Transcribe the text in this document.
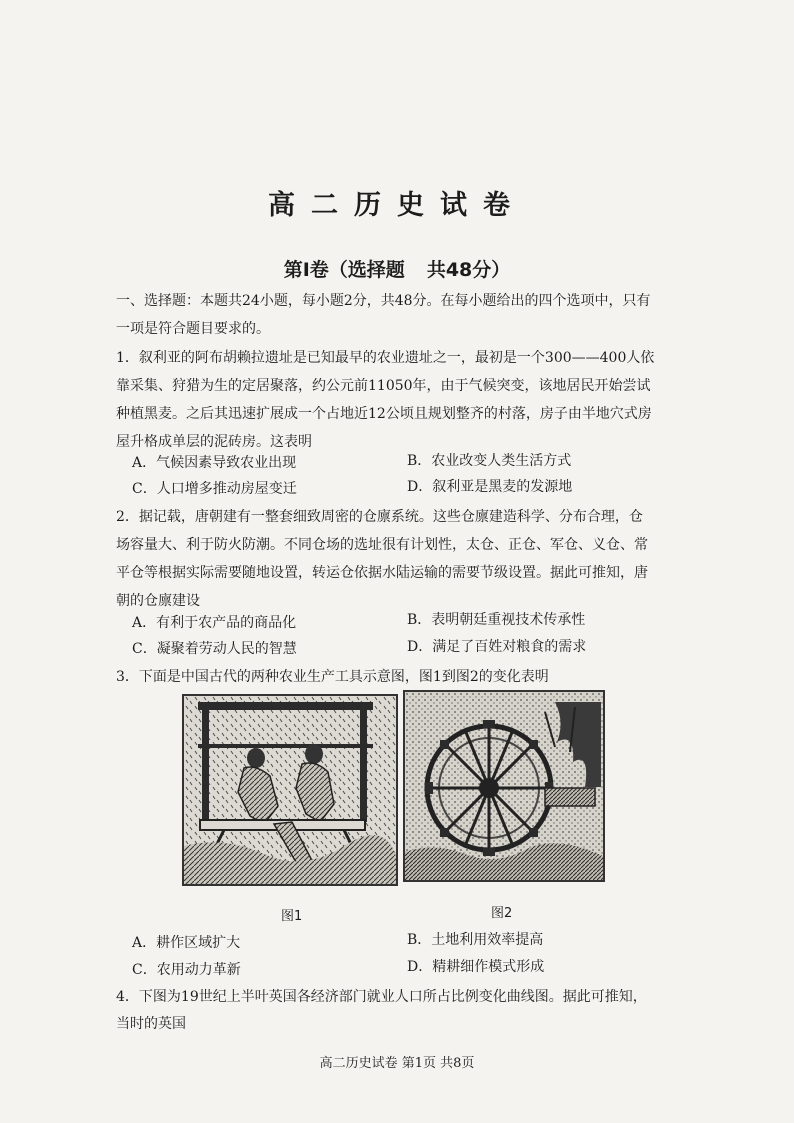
高二历史试卷
第Ⅰ卷（选择题 共48分）
一、选择题：本题共24小题，每小题2分，共48分。在每小题给出的四个选项中，只有
一项是符合题目要求的。
1．叙利亚的阿布胡赖拉遗址是已知最早的农业遗址之一，最初是一个300——400人依
靠采集、狩猎为生的定居聚落，约公元前11050年，由于气候突变，该地居民开始尝试
种植黑麦。之后其迅速扩展成一个占地近12公顷且规划整齐的村落，房子由半地穴式房
屋升格成单层的泥砖房。这表明
A．气候因素导致农业出现	B．农业改变人类生活方式
C．人口增多推动房屋变迁	D．叙利亚是黑麦的发源地
2．据记载，唐朝建有一整套细致周密的仓廪系统。这些仓廪建造科学、分布合理，仓
场容量大、利于防火防潮。不同仓场的选址很有计划性，太仓、正仓、军仓、义仓、常
平仓等根据实际需要随地设置，转运仓依据水陆运输的需要节级设置。据此可推知，唐
朝的仓廪建设
A．有利于农产品的商品化	B．表明朝廷重视技术传承性
C．凝聚着劳动人民的智慧	D．满足了百姓对粮食的需求
3．下面是中国古代的两种农业生产工具示意图，图1到图2的变化表明
图1	图2
A．耕作区域扩大	B．土地利用效率提高
C．农用动力革新	D．精耕细作模式形成
4．下图为19世纪上半叶英国各经济部门就业人口所占比例变化曲线图。据此可推知，
当时的英国
高二历史试卷 第1页 共8页
